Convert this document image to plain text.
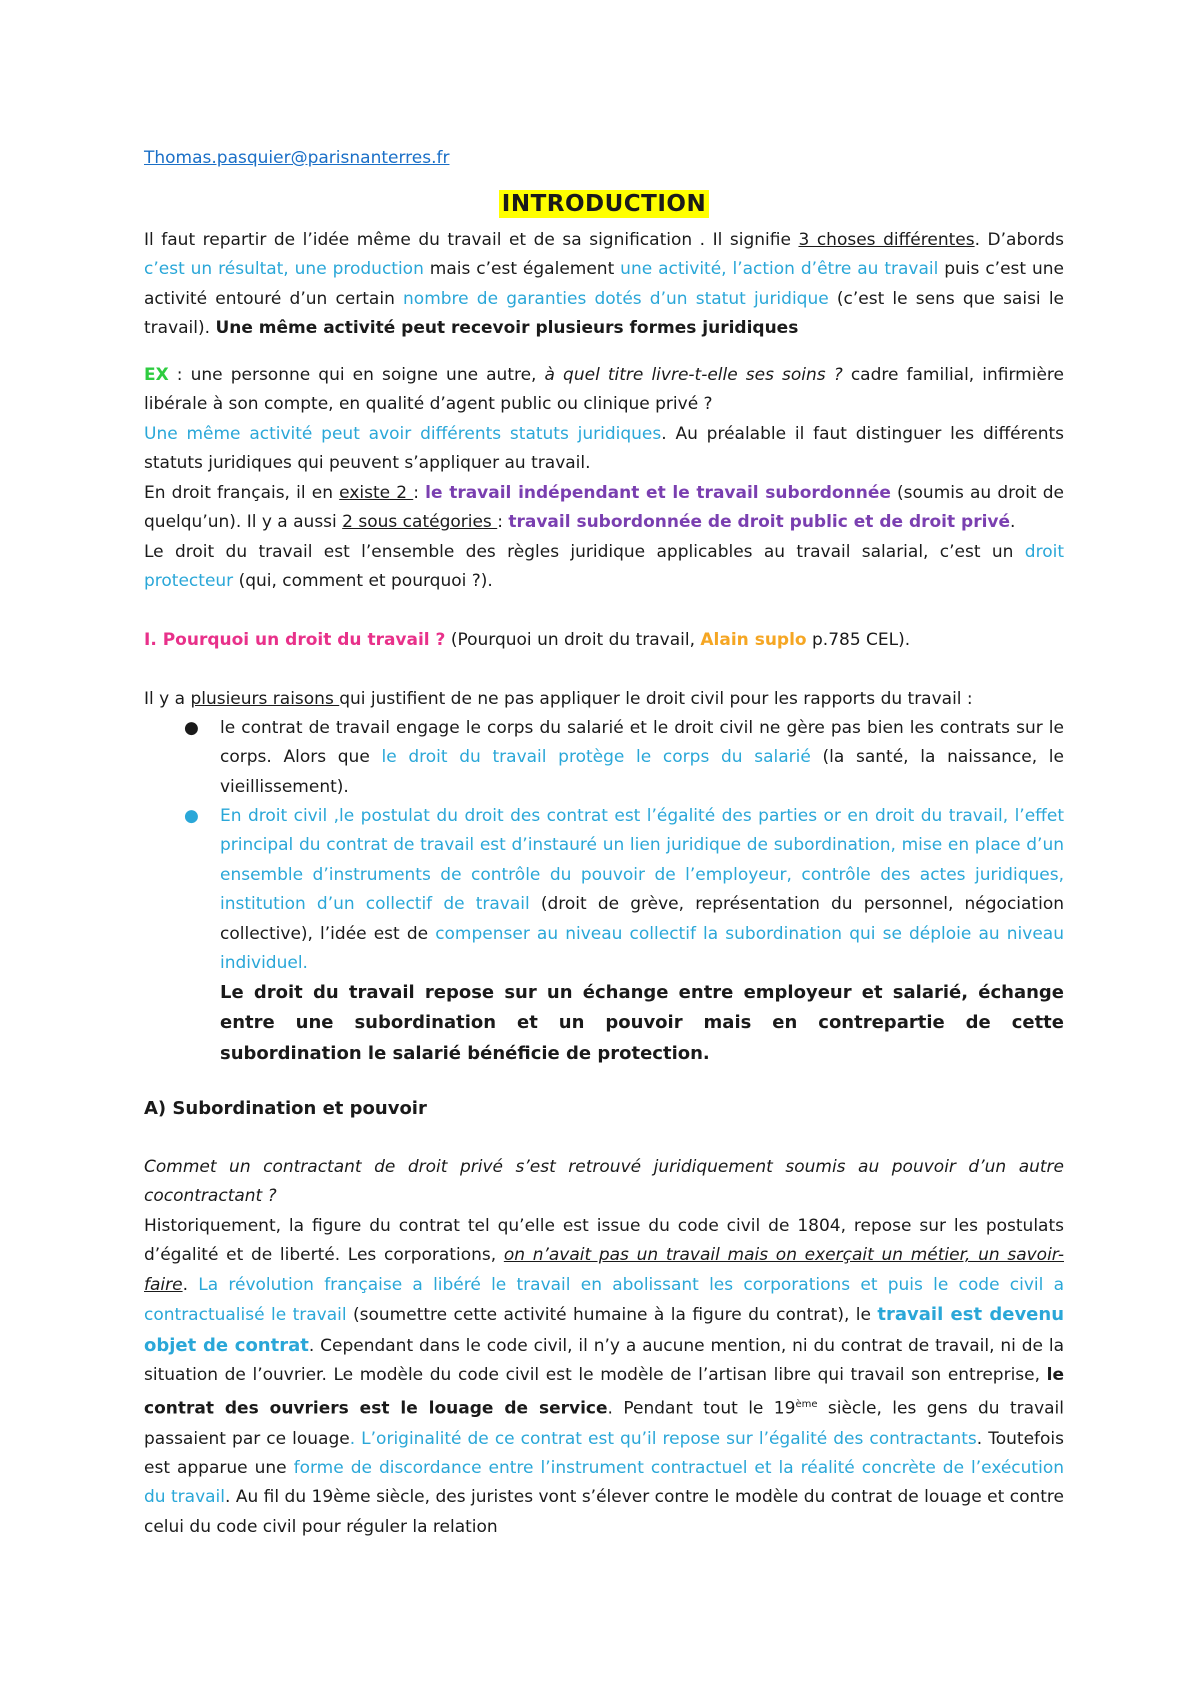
Thomas.pasquier@parisnanterres.fr
INTRODUCTION

Il faut repartir de l’idée même du travail et de sa signification . Il signifie 3 choses différentes. D’abords c’est un résultat, une production mais c’est également une activité, l’action d’être au travail puis c’est une activité entouré d’un certain nombre de garanties dotés d’un statut juridique (c’est le sens que saisi le travail). Une même activité peut recevoir plusieurs formes juridiques

EX : une personne qui en soigne une autre, à quel titre livre-t-elle ses soins ? cadre familial, infirmière libérale à son compte, en qualité d’agent public ou clinique privé ?

Une même activité peut avoir différents statuts juridiques. Au préalable il faut distinguer les différents statuts juridiques qui peuvent s’appliquer au travail.

En droit français, il en existe 2 : le travail indépendant et le travail subordonnée (soumis au droit de quelqu’un). Il y a aussi 2 sous catégories : travail subordonnée de droit public et de droit privé.

Le droit du travail est l’ensemble des règles juridique applicables au travail salarial, c’est un droit protecteur (qui, comment et pourquoi ?).

I. Pourquoi un droit du travail ? (Pourquoi un droit du travail, Alain suplo p.785 CEL).

Il y a plusieurs raisons qui justifient de ne pas appliquer le droit civil pour les rapports du travail :

●	le contrat de travail engage le corps du salarié et le droit civil ne gère pas bien les contrats sur le corps. Alors que le droit du travail protège le corps du salarié (la santé, la naissance, le vieillissement).
●	En droit civil ,le postulat du droit des contrat est l’égalité des parties or en droit du travail, l’effet principal du contrat de travail est d’instauré un lien juridique de subordination, mise en place d’un ensemble d’instruments de contrôle du pouvoir de l’employeur, contrôle des actes juridiques, institution d’un collectif de travail (droit de grève, représentation du personnel, négociation collective), l’idée est de compenser au niveau collectif la subordination qui se déploie au niveau individuel.
Le droit du travail repose sur un échange entre employeur et salarié, échange entre une subordination et un pouvoir mais en contrepartie de cette subordination le salarié bénéficie de protection.
A) Subordination et pouvoir

Commet un contractant de droit privé s’est retrouvé juridiquement soumis au pouvoir d’un autre cocontractant ?

Historiquement, la figure du contrat tel qu’elle est issue du code civil de 1804, repose sur les postulats d’égalité et de liberté. Les corporations, on n’avait pas un travail mais on exerçait un métier, un savoir-faire. La révolution française a libéré le travail en abolissant les corporations et puis le code civil a contractualisé le travail (soumettre cette activité humaine à la figure du contrat), le travail est devenu objet de contrat. Cependant dans le code civil, il n’y a aucune mention, ni du contrat de travail, ni de la situation de l’ouvrier. Le modèle du code civil est le modèle de l’artisan libre qui travail son entreprise, le contrat des ouvriers est le louage de service. Pendant tout le 19ème siècle, les gens du travail passaient par ce louage. L’originalité de ce contrat est qu’il repose sur l’égalité des contractants. Toutefois est apparue une forme de discordance entre l’instrument contractuel et la réalité concrète de l’exécution du travail. Au fil du 19ème siècle, des juristes vont s’élever contre le modèle du contrat de louage et contre celui du code civil pour réguler la relation
